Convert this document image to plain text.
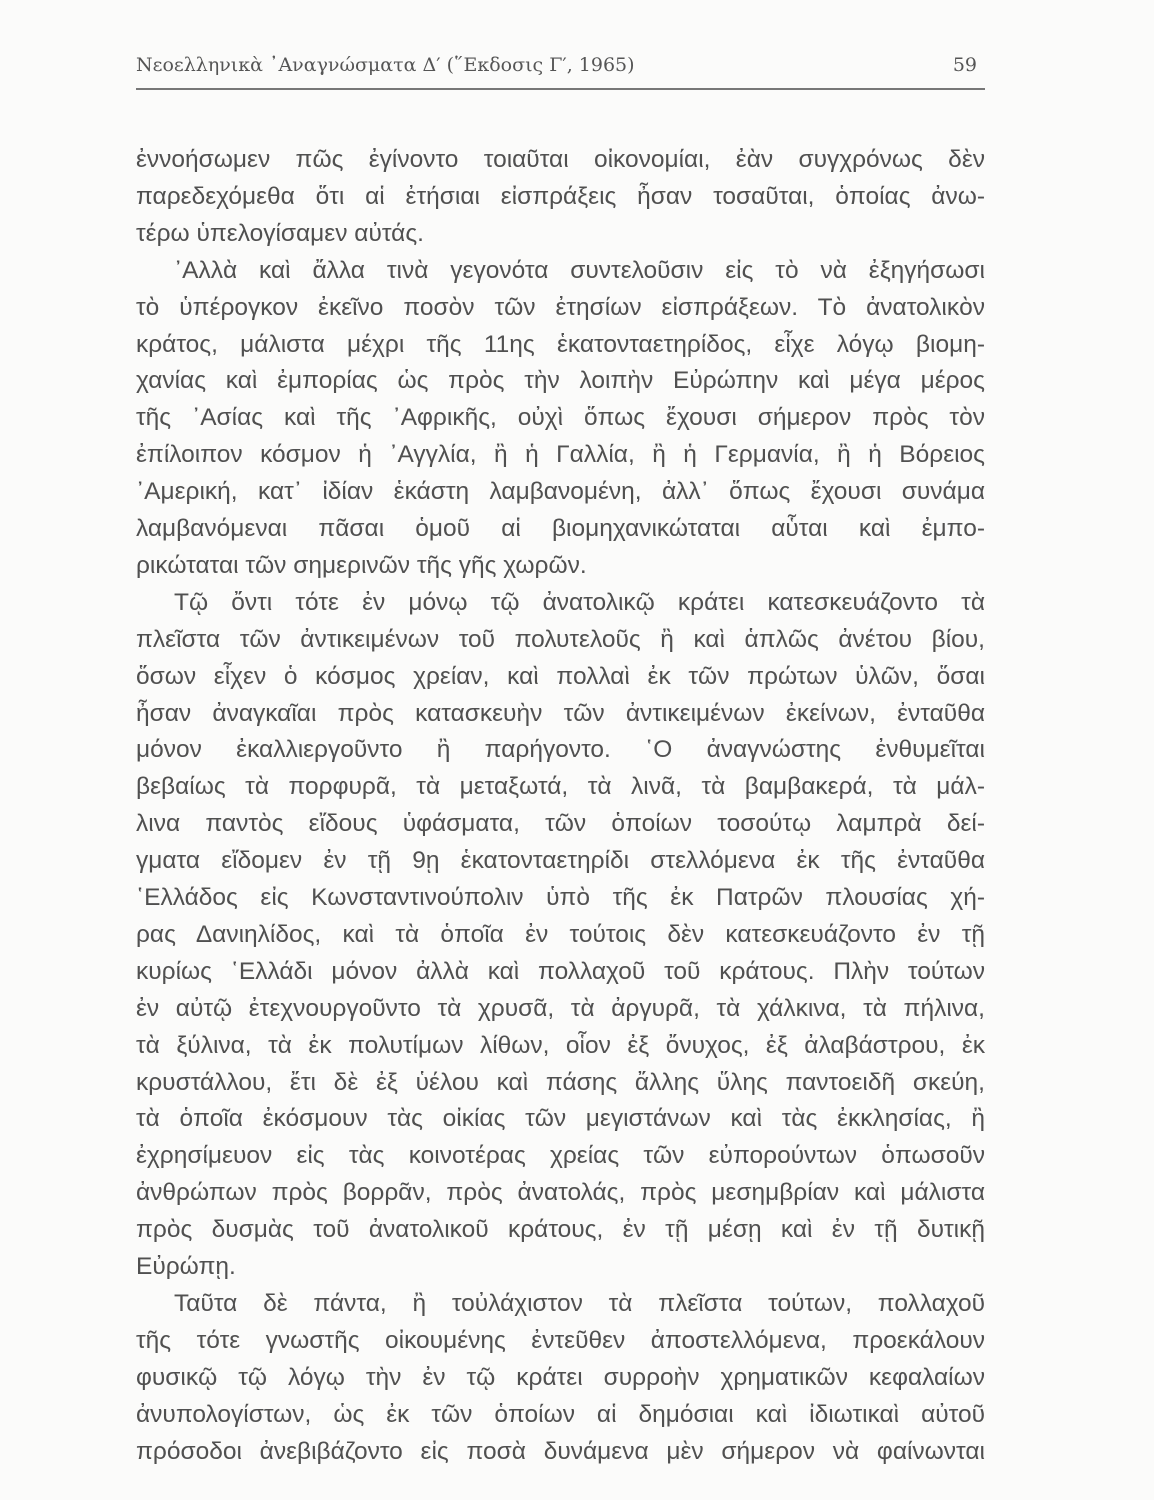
Νεοελληνικὰ ᾿Αναγνώσματα Δ′ (῞Εκδοσις Γ′, 1965)	59
ἐννοήσωμεν πῶς ἐγίνοντο τοιαῦται οἰκονομίαι, ἐὰν συγχρόνως δὲν
παρεδεχόμεθα ὅτι αἱ ἐτήσιαι εἰσπράξεις ἦσαν τοσαῦται, ὁποίας ἀνω-
τέρω ὑπελογίσαμεν αὐτάς.
᾿Αλλὰ καὶ ἄλλα τινὰ γεγονότα συντελοῦσιν εἰς τὸ νὰ ἐξηγήσωσι
τὸ ὑπέρογκον ἐκεῖνο ποσὸν τῶν ἐτησίων εἰσπράξεων. Τὸ ἀνατολικὸν
κράτος, μάλιστα μέχρι τῆς 11ης ἑκατονταετηρίδος, εἶχε λόγῳ βιομη-
χανίας καὶ ἐμπορίας ὡς πρὸς τὴν λοιπὴν Εὐρώπην καὶ μέγα μέρος
τῆς ᾿Ασίας καὶ τῆς ᾿Αφρικῆς, οὐχὶ ὅπως ἔχουσι σήμερον πρὸς τὸν
ἐπίλοιπον κόσμον ἡ ᾿Αγγλία, ἢ ἡ Γαλλία, ἢ ἡ Γερμανία, ἢ ἡ Βόρειος
᾿Αμερική, κατ᾿ ἰδίαν ἑκάστη λαμβανομένη, ἀλλ᾿ ὅπως ἔχουσι συνάμα
λαμβανόμεναι πᾶσαι ὁμοῦ αἱ βιομηχανικώταται αὗται καὶ ἐμπο-
ρικώταται τῶν σημερινῶν τῆς γῆς χωρῶν.
Τῷ ὄντι τότε ἐν μόνῳ τῷ ἀνατολικῷ κράτει κατεσκευάζοντο τὰ
πλεῖστα τῶν ἀντικειμένων τοῦ πολυτελοῦς ἢ καὶ ἁπλῶς ἀνέτου βίου,
ὅσων εἶχεν ὁ κόσμος χρείαν, καὶ πολλαὶ ἐκ τῶν πρώτων ὑλῶν, ὅσαι
ἦσαν ἀναγκαῖαι πρὸς κατασκευὴν τῶν ἀντικειμένων ἐκείνων, ἐνταῦθα
μόνον ἐκαλλιεργοῦντο ἢ παρήγοντο. ῾Ο ἀναγνώστης ἐνθυμεῖται
βεβαίως τὰ πορφυρᾶ, τὰ μεταξωτά, τὰ λινᾶ, τὰ βαμβακερά, τὰ μάλ-
λινα παντὸς εἴδους ὑφάσματα, τῶν ὁποίων τοσούτῳ λαμπρὰ δεί-
γματα εἴδομεν ἐν τῇ 9ῃ ἑκατονταετηρίδι στελλόμενα ἐκ τῆς ἐνταῦθα
῾Ελλάδος εἰς Κωνσταντινούπολιν ὑπὸ τῆς ἐκ Πατρῶν πλουσίας χή-
ρας Δανιηλίδος, καὶ τὰ ὁποῖα ἐν τούτοις δὲν κατεσκευάζοντο ἐν τῇ
κυρίως ῾Ελλάδι μόνον ἀλλὰ καὶ πολλαχοῦ τοῦ κράτους. Πλὴν τούτων
ἐν αὐτῷ ἐτεχνουργοῦντο τὰ χρυσᾶ, τὰ ἀργυρᾶ, τὰ χάλκινα, τὰ πήλινα,
τὰ ξύλινα, τὰ ἐκ πολυτίμων λίθων, οἷον ἐξ ὄνυχος, ἐξ ἀλαβάστρου, ἐκ
κρυστάλλου, ἔτι δὲ ἐξ ὑέλου καὶ πάσης ἄλλης ὕλης παντοειδῆ σκεύη,
τὰ ὁποῖα ἐκόσμουν τὰς οἰκίας τῶν μεγιστάνων καὶ τὰς ἐκκλησίας, ἢ
ἐχρησίμευον εἰς τὰς κοινοτέρας χρείας τῶν εὐπορούντων ὁπωσοῦν
ἀνθρώπων πρὸς βορρᾶν, πρὸς ἀνατολάς, πρὸς μεσημβρίαν καὶ μάλιστα
πρὸς δυσμὰς τοῦ ἀνατολικοῦ κράτους, ἐν τῇ μέσῃ καὶ ἐν τῇ δυτικῇ
Εὐρώπῃ.
Ταῦτα δὲ πάντα, ἢ τοὐλάχιστον τὰ πλεῖστα τούτων, πολλαχοῦ
τῆς τότε γνωστῆς οἰκουμένης ἐντεῦθεν ἀποστελλόμενα, προεκάλουν
φυσικῷ τῷ λόγῳ τὴν ἐν τῷ κράτει συρροὴν χρηματικῶν κεφαλαίων
ἀνυπολογίστων, ὡς ἐκ τῶν ὁποίων αἱ δημόσιαι καὶ ἰδιωτικαὶ αὐτοῦ
πρόσοδοι ἀνεβιβάζοντο εἰς ποσὰ δυνάμενα μὲν σήμερον νὰ φαίνωνται
